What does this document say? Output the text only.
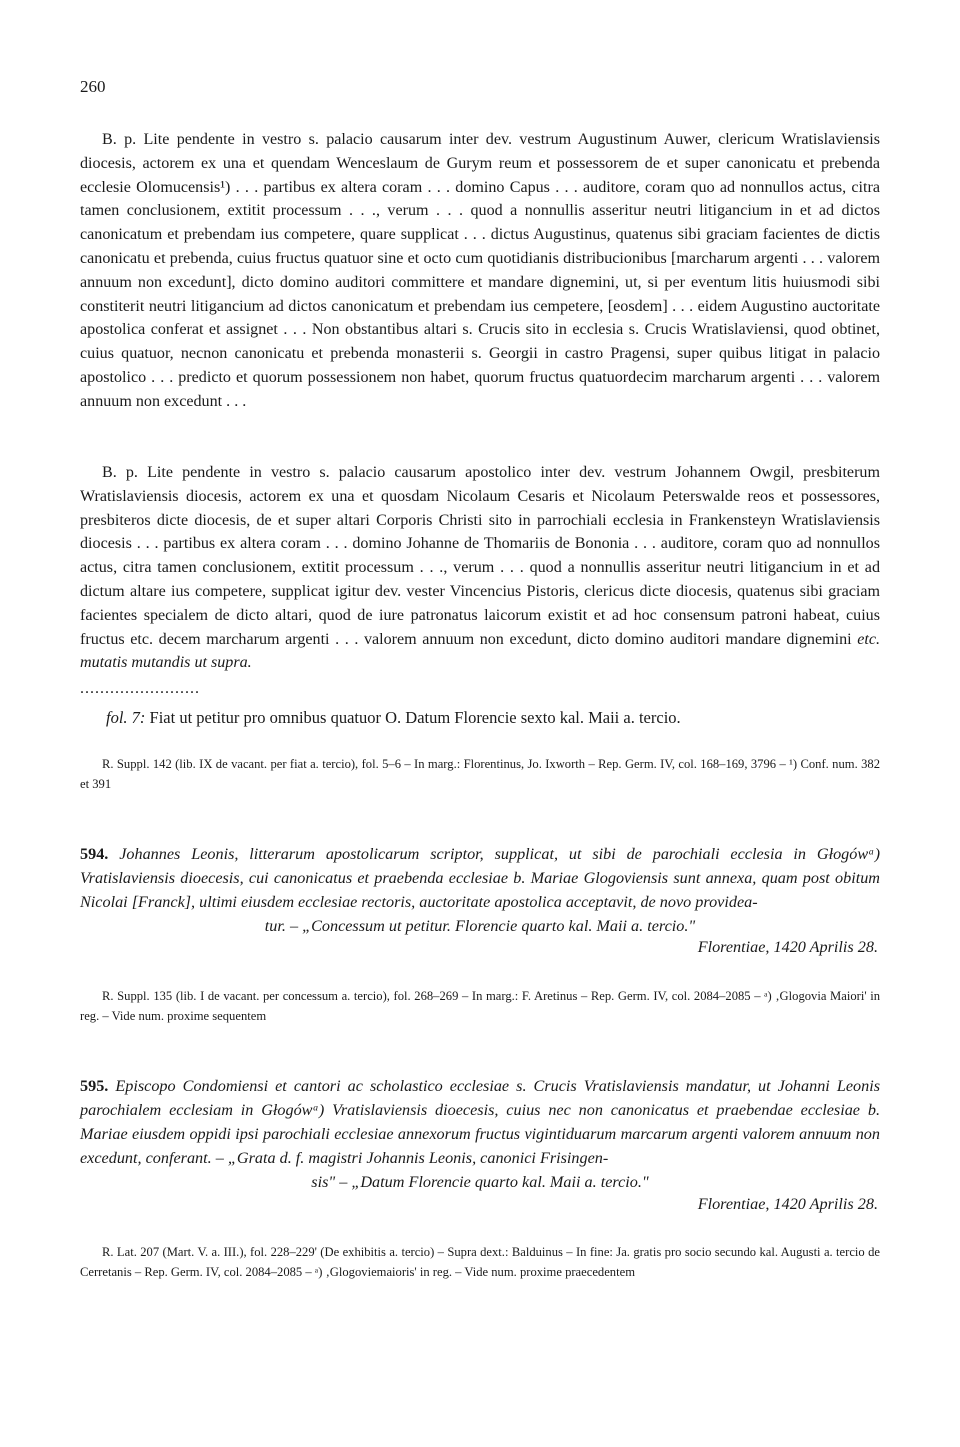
260

B. p. Lite pendente in vestro s. palacio causarum inter dev. vestrum Augustinum Auwer, clericum Wratislaviensis diocesis, actorem ex una et quendam Wenceslaum de Gurym reum et possessorem de et super canonicatu et prebenda ecclesie Olomucensis¹) . . . partibus ex altera coram . . . domino Capus . . . auditore, coram quo ad nonnullos actus, citra tamen conclusionem, extitit processum . . ., verum . . . quod a nonnullis asseritur neutri litigancium in et ad dictos canonicatum et prebendam ius competere, quare supplicat . . . dictus Augustinus, quatenus sibi graciam facientes de dictis canonicatu et prebenda, cuius fructus quatuor sine et octo cum quotidianis distribucionibus [marcharum argenti . . . valorem annuum non excedunt], dicto domino auditori committere et mandare dignemini, ut, si per eventum litis huiusmodi sibi constiterit neutri litigancium ad dictos canonicatum et prebendam ius cempetere, [eosdem] . . . eidem Augustino auctoritate apostolica conferat et assignet . . . Non obstantibus altari s. Crucis sito in ecclesia s. Crucis Wratislaviensi, quod obtinet, cuius quatuor, necnon canonicatu et prebenda monasterii s. Georgii in castro Pragensi, super quibus litigat in palacio apostolico . . . predicto et quorum possessionem non habet, quorum fructus quatuordecim marcharum argenti . . . valorem annuum non excedunt . . .

B. p. Lite pendente in vestro s. palacio causarum apostolico inter dev. vestrum Johannem Owgil, presbiterum Wratislaviensis diocesis, actorem ex una et quosdam Nicolaum Cesaris et Nicolaum Peterswalde reos et possessores, presbiteros dicte diocesis, de et super altari Corporis Christi sito in parrochiali ecclesia in Frankensteyn Wratislaviensis diocesis . . . partibus ex altera coram . . . domino Johanne de Thomariis de Bononia . . . auditore, coram quo ad nonnullos actus, citra tamen conclusionem, extitit processum . . ., verum . . . quod a nonnullis asseritur neutri litigancium in et ad dictum altare ius competere, supplicat igitur dev. vester Vincencius Pistoris, clericus dicte diocesis, quatenus sibi graciam facientes specialem de dicto altari, quod de iure patronatus laicorum existit et ad hoc consensum patroni habeat, cuius fructus etc. decem marcharum argenti . . . valorem annuum non excedunt, dicto domino auditori mandare dignemini etc. mutatis mutandis ut supra.

........................
fol. 7: Fiat ut petitur pro omnibus quatuor O. Datum Florencie sexto kal. Maii a. tercio.

R. Suppl. 142 (lib. IX de vacant. per fiat a. tercio), fol. 5–6 – In marg.: Florentinus, Jo. Ixworth – Rep. Germ. IV, col. 168–169, 3796 – ¹) Conf. num. 382 et 391

594. Johannes Leonis, litterarum apostolicarum scriptor, supplicat, ut sibi de parochiali ecclesia in Głogówᵃ) Vratislaviensis dioecesis, cui canonicatus et praebenda ecclesiae b. Mariae Glogoviensis sunt annexa, quam post obitum Nicolai [Franck], ultimi eiusdem ecclesiae rectoris, auctoritate apostolica acceptavit, de novo providea-
tur. – „Concessum ut petitur. Florencie quarto kal. Maii a. tercio."
Florentiae, 1420 Aprilis 28.

R. Suppl. 135 (lib. I de vacant. per concessum a. tercio), fol. 268–269 – In marg.: F. Aretinus – Rep. Germ. IV, col. 2084–2085 – ᵃ) ‚Glogovia Maiori' in reg. – Vide num. proxime sequentem

595. Episcopo Condomiensi et cantori ac scholastico ecclesiae s. Crucis Vratislaviensis mandatur, ut Johanni Leonis parochialem ecclesiam in Głogówᵃ) Vratislaviensis dioecesis, cuius nec non canonicatus et praebendae ecclesiae b. Mariae eiusdem oppidi ipsi parochiali ecclesiae annexorum fructus vigintiduarum marcarum argenti valorem annuum non excedunt, conferant. – „Grata d. f. magistri Johannis Leonis, canonici Frisingen-
sis" – „Datum Florencie quarto kal. Maii a. tercio."
Florentiae, 1420 Aprilis 28.

R. Lat. 207 (Mart. V. a. III.), fol. 228–229' (De exhibitis a. tercio) – Supra dext.: Balduinus – In fine: Ja. gratis pro socio secundo kal. Augusti a. tercio de Cerretanis – Rep. Germ. IV, col. 2084–2085 – ᵃ) ‚Glogoviemaioris' in reg. – Vide num. proxime praecedentem
